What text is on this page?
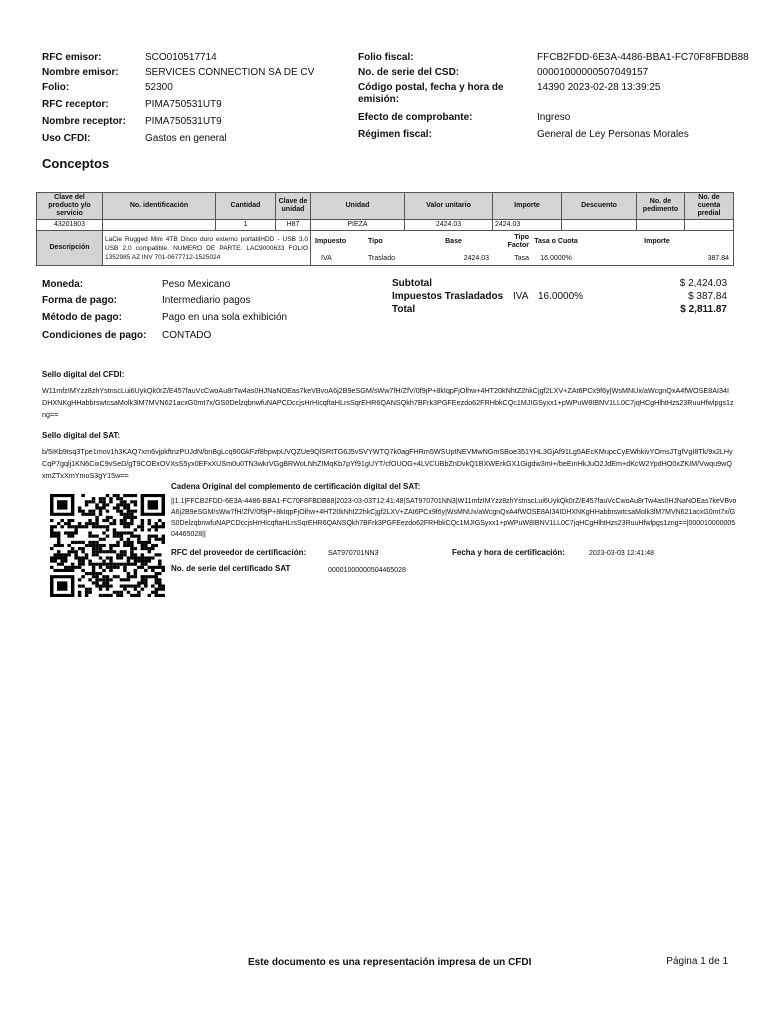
RFC emisor:	SCO010517714
Nombre emisor:	SERVICES CONNECTION SA DE CV
Folio:	52300
RFC receptor:	PIMA750531UT9
Nombre receptor: PIMA750531UT9
Uso CFDI:	Gastos en general
Folio fiscal:	FFCB2FDD-6E3A-4486-BBA1-FC70F8FBDB88
No. de serie del CSD:	00001000000507049157
Código postal, fecha y hora de emisión:
14390 2023-02-28 13:39:25
Efecto de comprobante:	Ingreso
Régimen fiscal:	General de Ley Personas Morales
Conceptos
Clave del producto y/o servicio	No. identificación	Cantidad	Clave de unidad	Unidad	Valor unitario	Importe	Descuento	No. de pedimento	No. de cuenta predial
43201803		1	H87	PIEZA	2424.03	2424.03			
Descripción	LaCie Rugged Mini 4TB Disco duro externo portatilHDD - USB 3.0 USB 2.0 compatible. NUMERO DE PARTE: LAC9000633 FOLIO 1352985 AZ INV 701-0677712-1525024	
Impuesto	Tipo	Base	Tipo Factor	Tasa o Cuota	Importe
IVA	Traslado	2424.03	Tasa	16.0000%	387.84
Moneda:	Peso Mexicano
Forma de pago:	Intermediario pagos
Método de pago:	Pago en una sola exhibición
Condiciones de pago: CONTADO
Subtotal	$ 2,424.03
Impuestos Trasladados IVA 16.0000%	$ 387.84
Total	$ 2,811.87
Sello digital del CFDI:
W11mfzIMYzz8zhYstnscLui6UykQk0rZ/E457fauVcCwoAu8rTw4as0HJNaNOEas7keVBvoA6j2B9eSGM/sWw7fH/ZfV/0f9jP+8kIqpFjOlhw+4HT20kNhtZ2hkCjgf2LXV+ZAt6PCx9f6y|WsMNUx/aWcgnQxA4fWOSE8AI34IDHXNKgHHabbrswtcsaMolk3lM7MVN621acxG0mt7x/GS0DelzqbnwfuNAPCDccjsHrHIcqftaHLrsSqrEHR6QANSQkh7BFrk3PGFEezdo62FRHbkCQc1MJIGSyxx1+pWPuW8IBNV1LL0C7jqHCgHlhtHzs23RuuHfwlpgs1zng==
Sello digital del SAT:
b/5IKb9tsq3Tpe1mov1h3KAQ7xm6vjpkftnzPUJdN/bnBgLcq90GkFzf8hpwpUVQZUe9QlSRtTG6J5vSVYWTQ7k0agFHRm5WSUptNEVMwNGmSBoe351YHL3GjAf91Lg5AEcKMupcCyEWhkivYOmsJTgfVgI8Tk/9x2LHyCqP7gqlj1KN6CixC9vSeD/gT9COExOVXsS5yx0EFxXUSm0u0TN3wkrVGgBRWoLNhZIMqKb7pYf91gUYT/cfOUOG+4LVCUBbZnDvkQ1BXWErkGX1Gigdw3mI+/beEmHkJuO2JdEm+dKcW2YpdHO0xZKIM/Vwqu9wQxmZTxXmYmoS3gY15w==
Cadena Original del complemento de certificación digital del SAT:
||1.1|FFCB2FDD-6E3A-4486-BBA1-FC70F8FBDB88|2023-03-03T12:41:48|SAT970701NN3|W11mfzIMYzz8zhYstnscLui6UykQk0rZ/E457fauVcCwoAu8rTw4as0HJNaNOEas7keVBvoA6j2B9eSGM/sWw7fH/ZfV/0f9jP+8kIqpFjOlhw+4HT20kNhtZ2hkCjgf2LXV+ZAt6PCx9f6y|WsMNUx/aWcgnQxA4fWOSE8AI34IDHXNKgHHabbrswtcsaMolk3lM7MVN621acxG0mt7x/GS0DelzqbnwfuNAPCDccjsHrHIcqftaHLrsSqrEHR6QANSQkh7BFrk3PGFEezdo62FRHbkCQc1MJIGSyxx1+pWPuW8IBNV1LL0C7jqHCgHlhtHzs23RuuHfwlpgs1zng==|00001000000504465028||
RFC del proveedor de certificación:	SAT970701NN3	Fecha y hora de certificación:	2023-03-03 12:41:48
No. de serie del certificado SAT	00001000000504465028
Este documento es una representación impresa de un CFDI	Página 1 de 1
